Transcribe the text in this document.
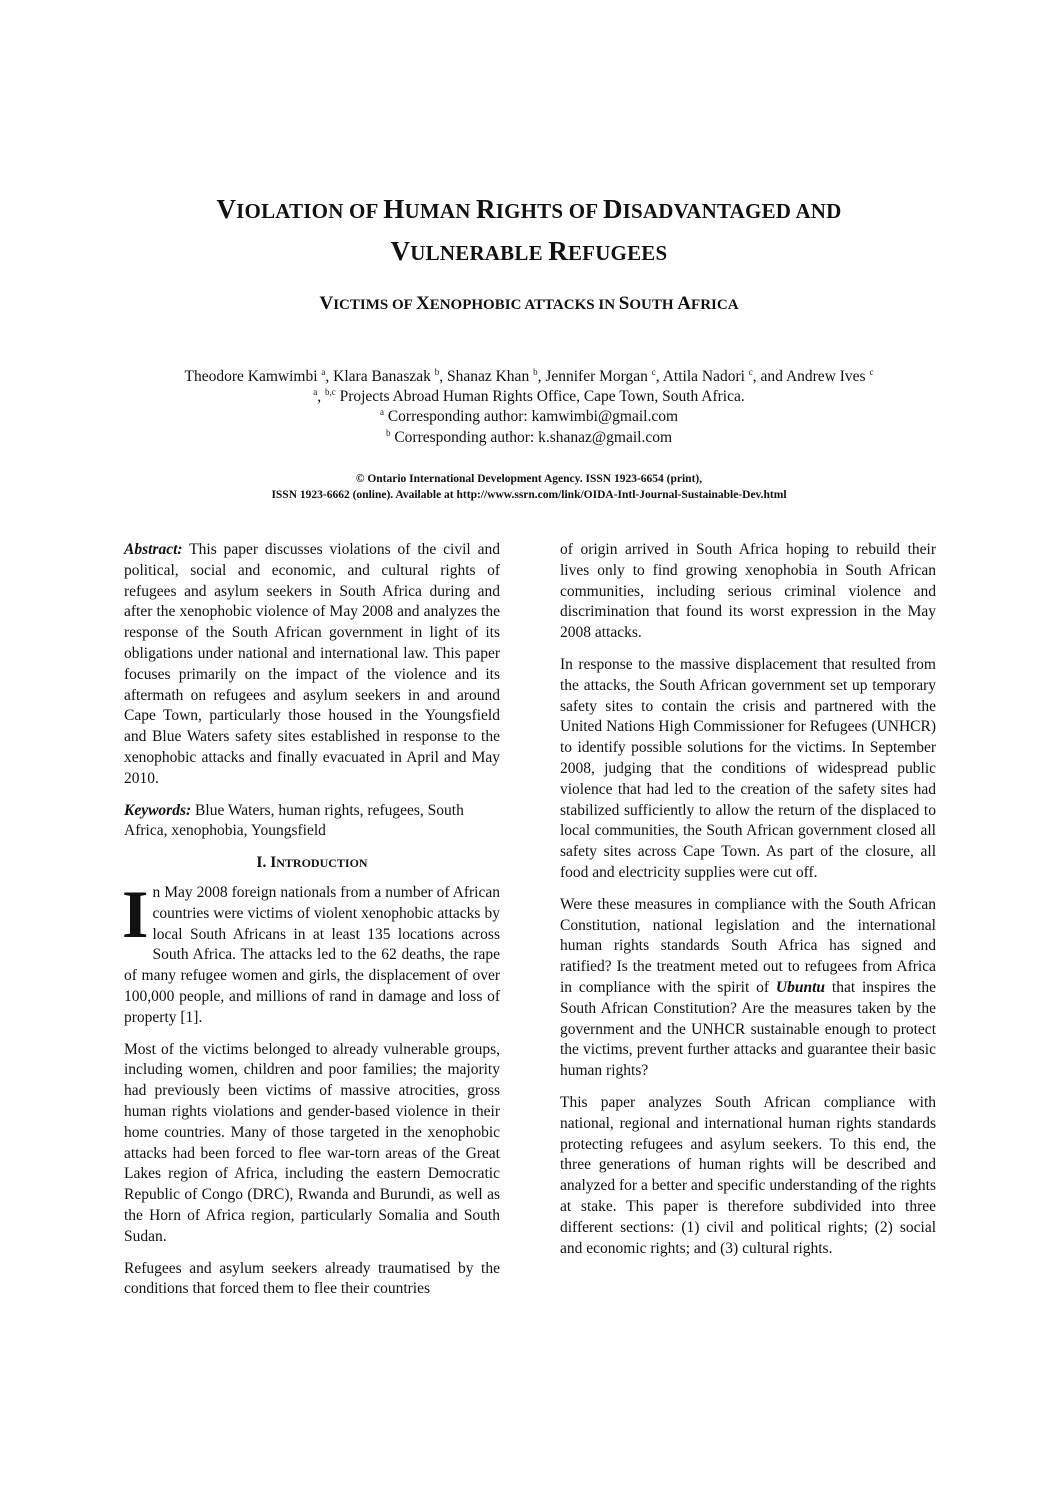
VIOLATION OF HUMAN RIGHTS OF DISADVANTAGED AND
VULNERABLE REFUGEES
VICTIMS OF XENOPHOBIC ATTACKS IN SOUTH AFRICA
Theodore Kamwimbi $^a$, Klara Banaszak $^b$, Shanaz Khan $^b$, Jennifer Morgan $^c$, Attila Nadori $^c$, and Andrew Ives $^c$
$^a$, $^{b,c}$ Projects Abroad Human Rights Office, Cape Town, South Africa.
$^a$ Corresponding author: kamwimbi@gmail.com
$^b$ Corresponding author: k.shanaz@gmail.com
© Ontario International Development Agency. ISSN 1923-6654 (print),
ISSN 1923-6662 (online). Available at http://www.ssrn.com/link/OIDA-Intl-Journal-Sustainable-Dev.html

Abstract: This paper discusses violations of the civil and political, social and economic, and cultural rights of refugees and asylum seekers in South Africa during and after the xenophobic violence of May 2008 and analyzes the response of the South African government in light of its obligations under national and international law. This paper focuses primarily on the impact of the violence and its aftermath on refugees and asylum seekers in and around Cape Town, particularly those housed in the Youngsfield and Blue Waters safety sites established in response to the xenophobic attacks and finally evacuated in April and May 2010.

Keywords: Blue Waters, human rights, refugees, South Africa, xenophobia, Youngsfield

I. INTRODUCTION

In May 2008 foreign nationals from a number of African countries were victims of violent xenophobic attacks by local South Africans in at least 135 locations across South Africa. The attacks led to the 62 deaths, the rape of many refugee women and girls, the displacement of over 100,000 people, and millions of rand in damage and loss of property [1].

Most of the victims belonged to already vulnerable groups, including women, children and poor families; the majority had previously been victims of massive atrocities, gross human rights violations and gender-based violence in their home countries. Many of those targeted in the xenophobic attacks had been forced to flee war-torn areas of the Great Lakes region of Africa, including the eastern Democratic Republic of Congo (DRC), Rwanda and Burundi, as well as the Horn of Africa region, particularly Somalia and South Sudan.

Refugees and asylum seekers already traumatised by the conditions that forced them to flee their countries

of origin arrived in South Africa hoping to rebuild their lives only to find growing xenophobia in South African communities, including serious criminal violence and discrimination that found its worst expression in the May 2008 attacks.

In response to the massive displacement that resulted from the attacks, the South African government set up temporary safety sites to contain the crisis and partnered with the United Nations High Commissioner for Refugees (UNHCR) to identify possible solutions for the victims. In September 2008, judging that the conditions of widespread public violence that had led to the creation of the safety sites had stabilized sufficiently to allow the return of the displaced to local communities, the South African government closed all safety sites across Cape Town. As part of the closure, all food and electricity supplies were cut off.

Were these measures in compliance with the South African Constitution, national legislation and the international human rights standards South Africa has signed and ratified? Is the treatment meted out to refugees from Africa in compliance with the spirit of Ubuntu that inspires the South African Constitution? Are the measures taken by the government and the UNHCR sustainable enough to protect the victims, prevent further attacks and guarantee their basic human rights?

This paper analyzes South African compliance with national, regional and international human rights standards protecting refugees and asylum seekers. To this end, the three generations of human rights will be described and analyzed for a better and specific understanding of the rights at stake. This paper is therefore subdivided into three different sections: (1) civil and political rights; (2) social and economic rights; and (3) cultural rights.
